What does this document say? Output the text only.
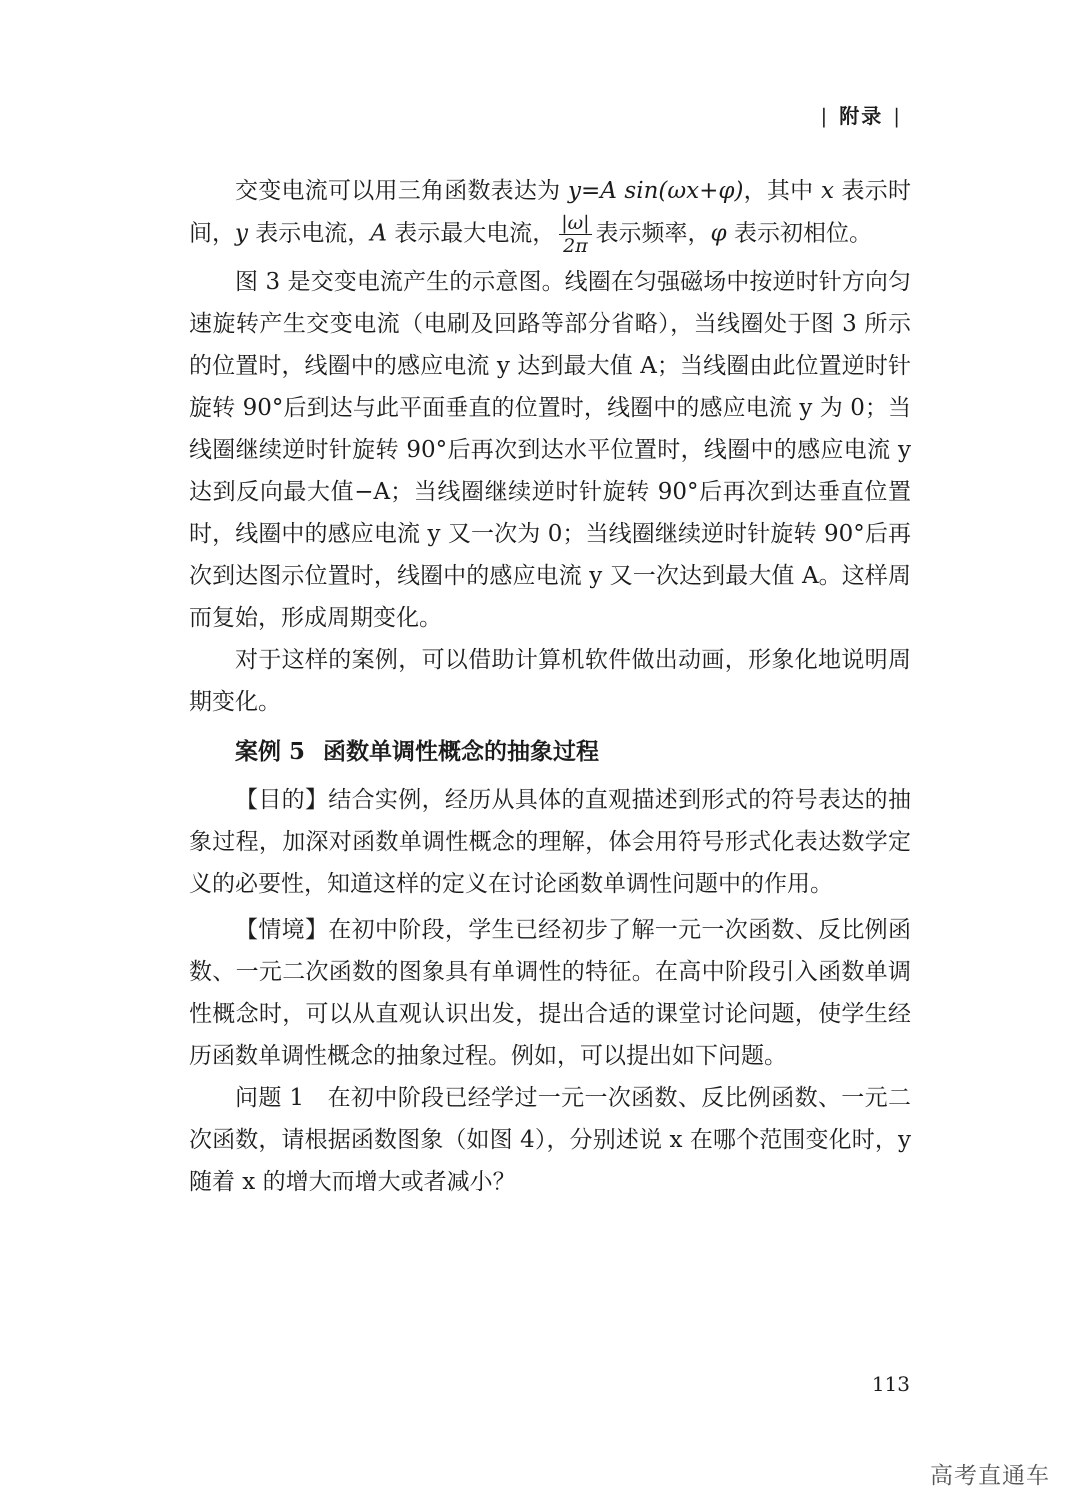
| 附录 |

交变电流可以用三角函数表达为 y=A sin(ωx+φ)，其中 x 表示时间，y 表示电流，A 表示最大电流， $\frac{|\omega|}{2\pi}$ 表示频率，φ 表示初相位。

图 3 是交变电流产生的示意图。线圈在匀强磁场中按逆时针方向匀速旋转产生交变电流（电刷及回路等部分省略），当线圈处于图 3 所示的位置时，线圈中的感应电流 y 达到最大值 A；当线圈由此位置逆时针旋转 90°后到达与此平面垂直的位置时，线圈中的感应电流 y 为 0；当线圈继续逆时针旋转 90°后再次到达水平位置时，线圈中的感应电流 y 达到反向最大值−A；当线圈继续逆时针旋转 90°后再次到达垂直位置时，线圈中的感应电流 y 又一次为 0；当线圈继续逆时针旋转 90°后再次到达图示位置时，线圈中的感应电流 y 又一次达到最大值 A。这样周而复始，形成周期变化。

对于这样的案例，可以借助计算机软件做出动画，形象化地说明周期变化。

案例 5 函数单调性概念的抽象过程

【目的】结合实例，经历从具体的直观描述到形式的符号表达的抽象过程，加深对函数单调性概念的理解，体会用符号形式化表达数学定义的必要性，知道这样的定义在讨论函数单调性问题中的作用。

【情境】在初中阶段，学生已经初步了解一元一次函数、反比例函数、一元二次函数的图象具有单调性的特征。在高中阶段引入函数单调性概念时，可以从直观认识出发，提出合适的课堂讨论问题，使学生经历函数单调性概念的抽象过程。例如，可以提出如下问题。

问题 1　在初中阶段已经学过一元一次函数、反比例函数、一元二次函数，请根据函数图象（如图 4），分别述说 x 在哪个范围变化时，y 随着 x 的增大而增大或者减小？

113
高考直通车
